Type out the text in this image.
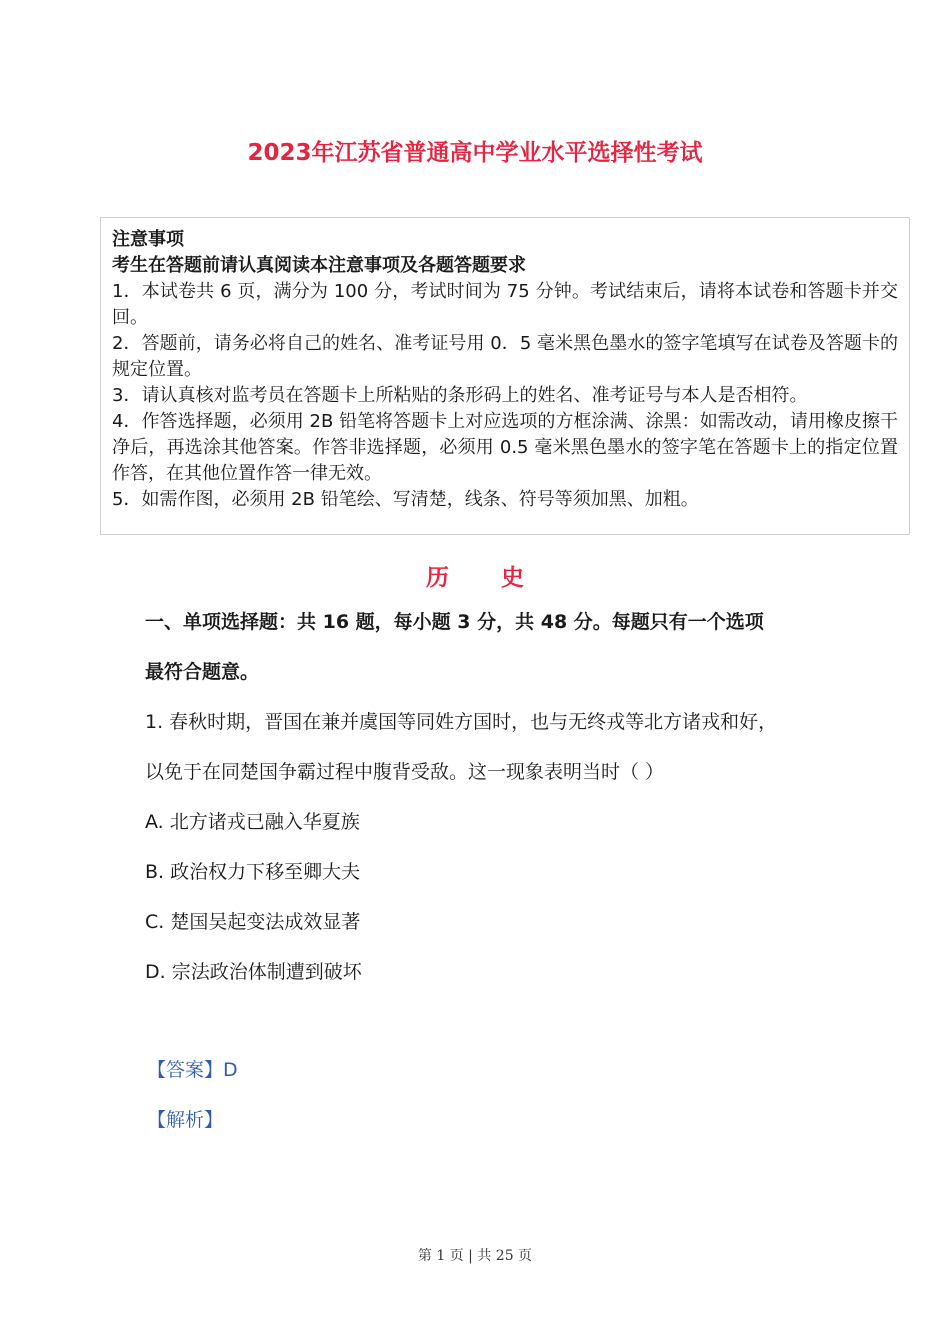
2023年江苏省普通高中学业水平选择性考试

注意事项

考生在答题前请认真阅读本注意事项及各题答题要求

1．本试卷共 6 页，满分为 100 分，考试时间为 75 分钟。考试结束后，请将本试卷和答题卡并交回。

2．答题前，请务必将自己的姓名、准考证号用 0．5 毫米黑色墨水的签字笔填写在试卷及答题卡的规定位置。

3．请认真核对监考员在答题卡上所粘贴的条形码上的姓名、准考证号与本人是否相符。

4．作答选择题，必须用 2B 铅笔将答题卡上对应选项的方框涂满、涂黑：如需改动，请用橡皮擦干净后，再选涂其他答案。作答非选择题，必须用 0.5 毫米黑色墨水的签字笔在答题卡上的指定位置作答，在其他位置作答一律无效。

5．如需作图，必须用 2B 铅笔绘、写清楚，线条、符号等须加黑、加粗。

历 史

一、单项选择题：共 16 题，每小题 3 分，共 48 分。每题只有一个选项

最符合题意。

1. 春秋时期，晋国在兼并虞国等同姓方国时，也与无终戎等北方诸戎和好，

以免于在同楚国争霸过程中腹背受敌。这一现象表明当时（ ）

A. 北方诸戎已融入华夏族

B. 政治权力下移至卿大夫

C. 楚国吴起变法成效显著

D. 宗法政治体制遭到破坏

【答案】D

【解析】

第 1 页 | 共 25 页
